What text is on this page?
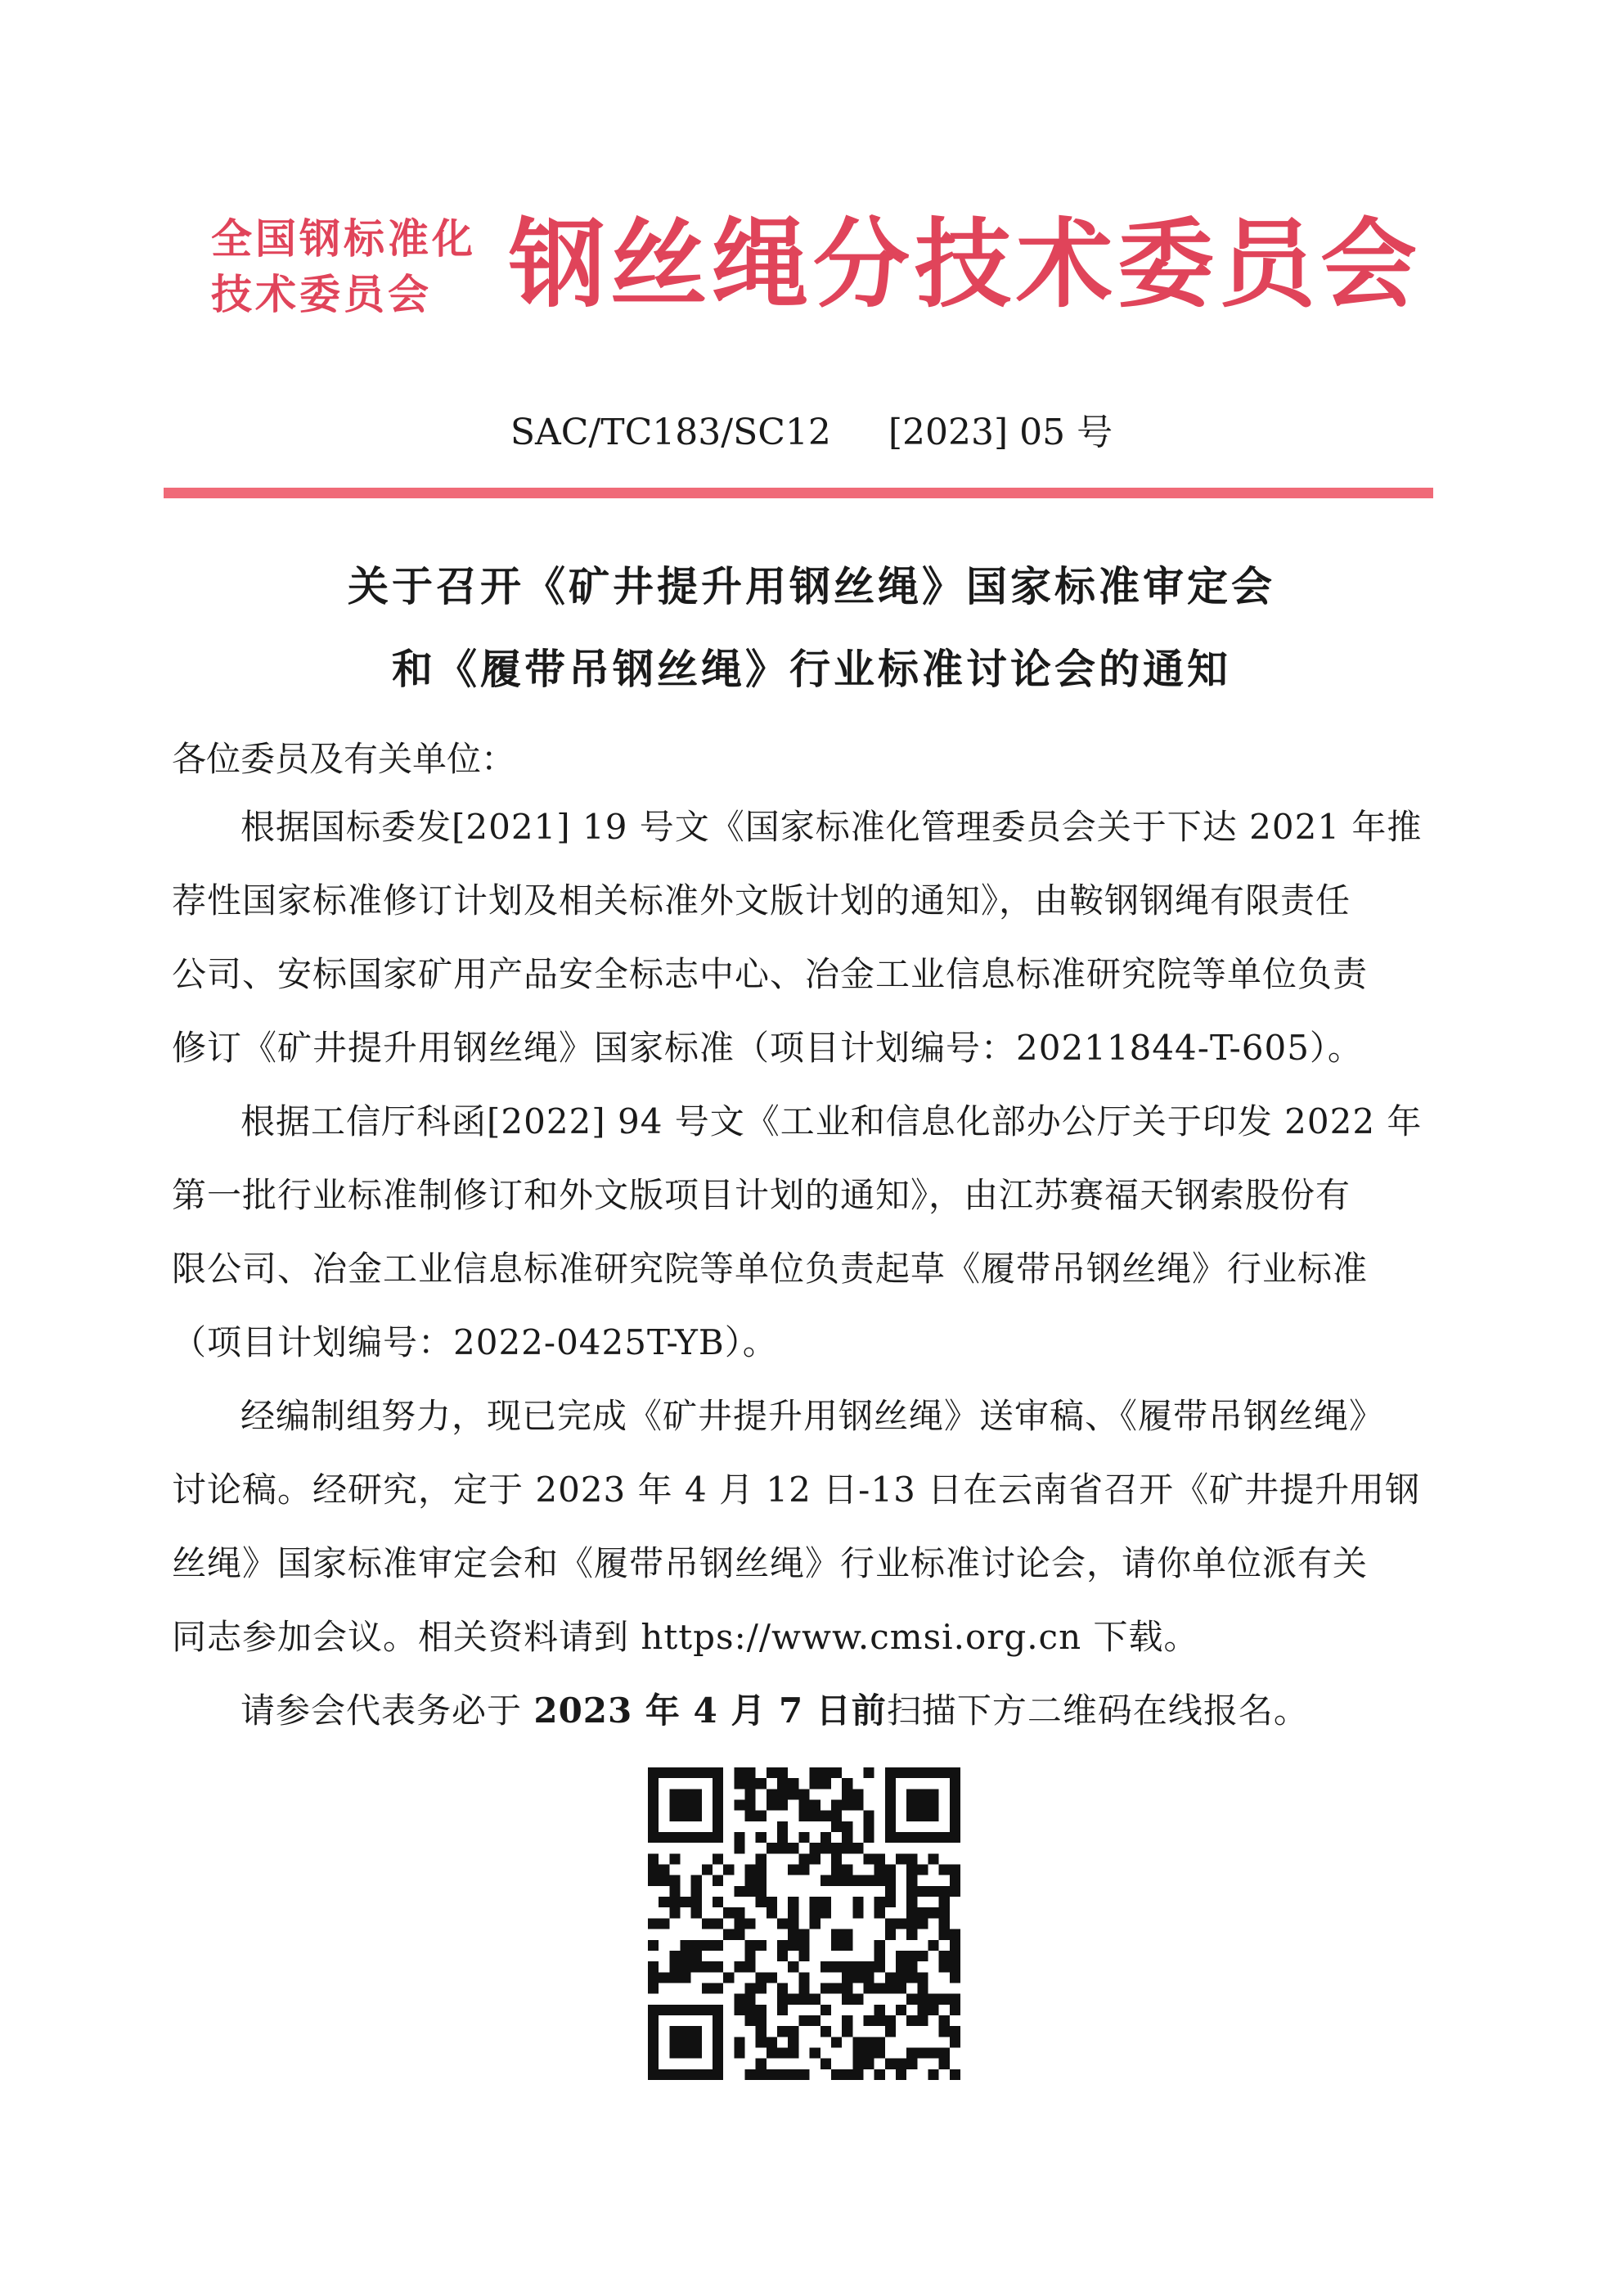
全国钢标准化
技术委员会 钢丝绳分技术委员会
SAC/TC183/SC12 [2023] 05 号
关于召开《矿井提升用钢丝绳》国家标准审定会
和《履带吊钢丝绳》行业标准讨论会的通知
各位委员及有关单位：
根据国标委发[2021] 19 号文《国家标准化管理委员会关于下达 2021 年推
荐性国家标准修订计划及相关标准外文版计划的通知》，由鞍钢钢绳有限责任
公司、安标国家矿用产品安全标志中心、冶金工业信息标准研究院等单位负责
修订《矿井提升用钢丝绳》国家标准（项目计划编号：20211844-T-605）。
根据工信厅科函[2022] 94 号文《工业和信息化部办公厅关于印发 2022 年
第一批行业标准制修订和外文版项目计划的通知》，由江苏赛福天钢索股份有
限公司、冶金工业信息标准研究院等单位负责起草《履带吊钢丝绳》行业标准
（项目计划编号：2022-0425T-YB）。
经编制组努力，现已完成《矿井提升用钢丝绳》送审稿、《履带吊钢丝绳》
讨论稿。经研究，定于 2023 年 4 月 12 日-13 日在云南省召开《矿井提升用钢
丝绳》国家标准审定会和《履带吊钢丝绳》行业标准讨论会，请你单位派有关
同志参加会议。相关资料请到 https://www.cmsi.org.cn 下载。
请参会代表务必于 2023 年 4 月 7 日前扫描下方二维码在线报名。
